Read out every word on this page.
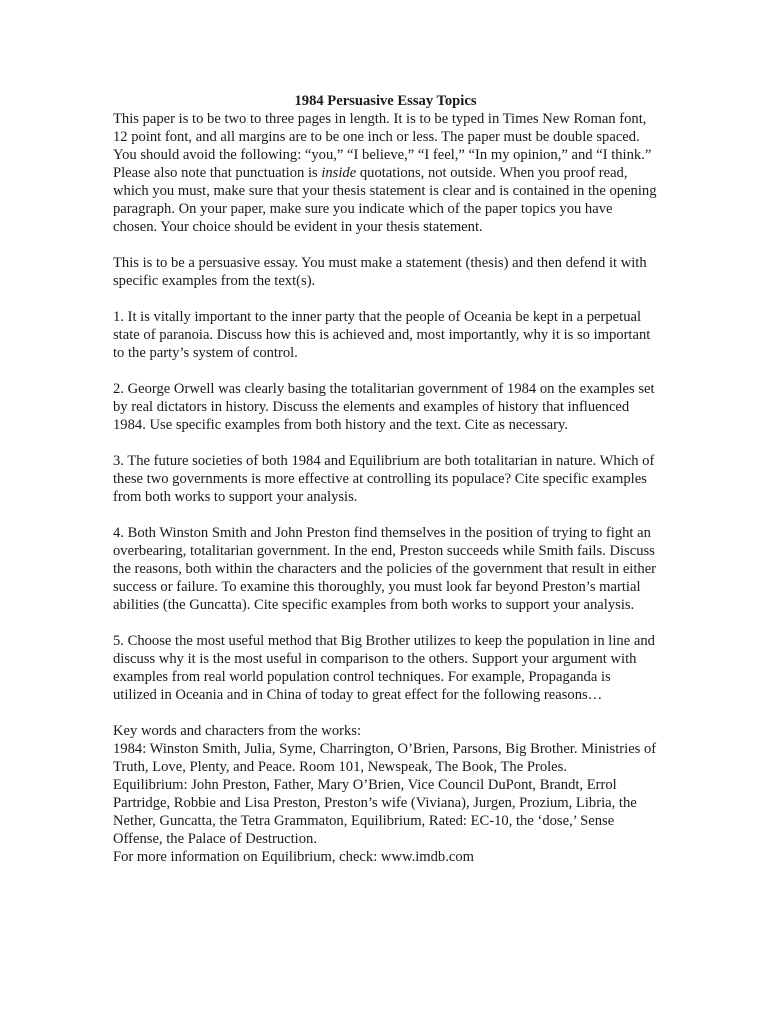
1984 Persuasive Essay Topics

This paper is to be two to three pages in length. It is to be typed in Times New Roman font, 12 point font, and all margins are to be one inch or less. The paper must be double spaced. You should avoid the following: “you,” “I believe,” “I feel,” “In my opinion,” and “I think.” Please also note that punctuation is inside quotations, not outside. When you proof read, which you must, make sure that your thesis statement is clear and is contained in the opening paragraph. On your paper, make sure you indicate which of the paper topics you have chosen. Your choice should be evident in your thesis statement.

This is to be a persuasive essay. You must make a statement (thesis) and then defend it with specific examples from the text(s).

1. It is vitally important to the inner party that the people of Oceania be kept in a perpetual state of paranoia. Discuss how this is achieved and, most importantly, why it is so important to the party’s system of control.

2. George Orwell was clearly basing the totalitarian government of 1984 on the examples set by real dictators in history. Discuss the elements and examples of history that influenced 1984. Use specific examples from both history and the text. Cite as necessary.

3. The future societies of both 1984 and Equilibrium are both totalitarian in nature. Which of these two governments is more effective at controlling its populace? Cite specific examples from both works to support your analysis.

4. Both Winston Smith and John Preston find themselves in the position of trying to fight an overbearing, totalitarian government. In the end, Preston succeeds while Smith fails. Discuss the reasons, both within the characters and the policies of the government that result in either success or failure. To examine this thoroughly, you must look far beyond Preston’s martial abilities (the Guncatta). Cite specific examples from both works to support your analysis.

5. Choose the most useful method that Big Brother utilizes to keep the population in line and discuss why it is the most useful in comparison to the others. Support your argument with examples from real world population control techniques. For example, Propaganda is utilized in Oceania and in China of today to great effect for the following reasons…

Key words and characters from the works:
1984: Winston Smith, Julia, Syme, Charrington, O’Brien, Parsons, Big Brother. Ministries of Truth, Love, Plenty, and Peace. Room 101, Newspeak, The Book, The Proles.
Equilibrium: John Preston, Father, Mary O’Brien, Vice Council DuPont, Brandt, Errol Partridge, Robbie and Lisa Preston, Preston’s wife (Viviana), Jurgen, Prozium, Libria, the Nether, Guncatta, the Tetra Grammaton, Equilibrium, Rated: EC-10, the ‘dose,’ Sense Offense, the Palace of Destruction.
For more information on Equilibrium, check: www.imdb.com
